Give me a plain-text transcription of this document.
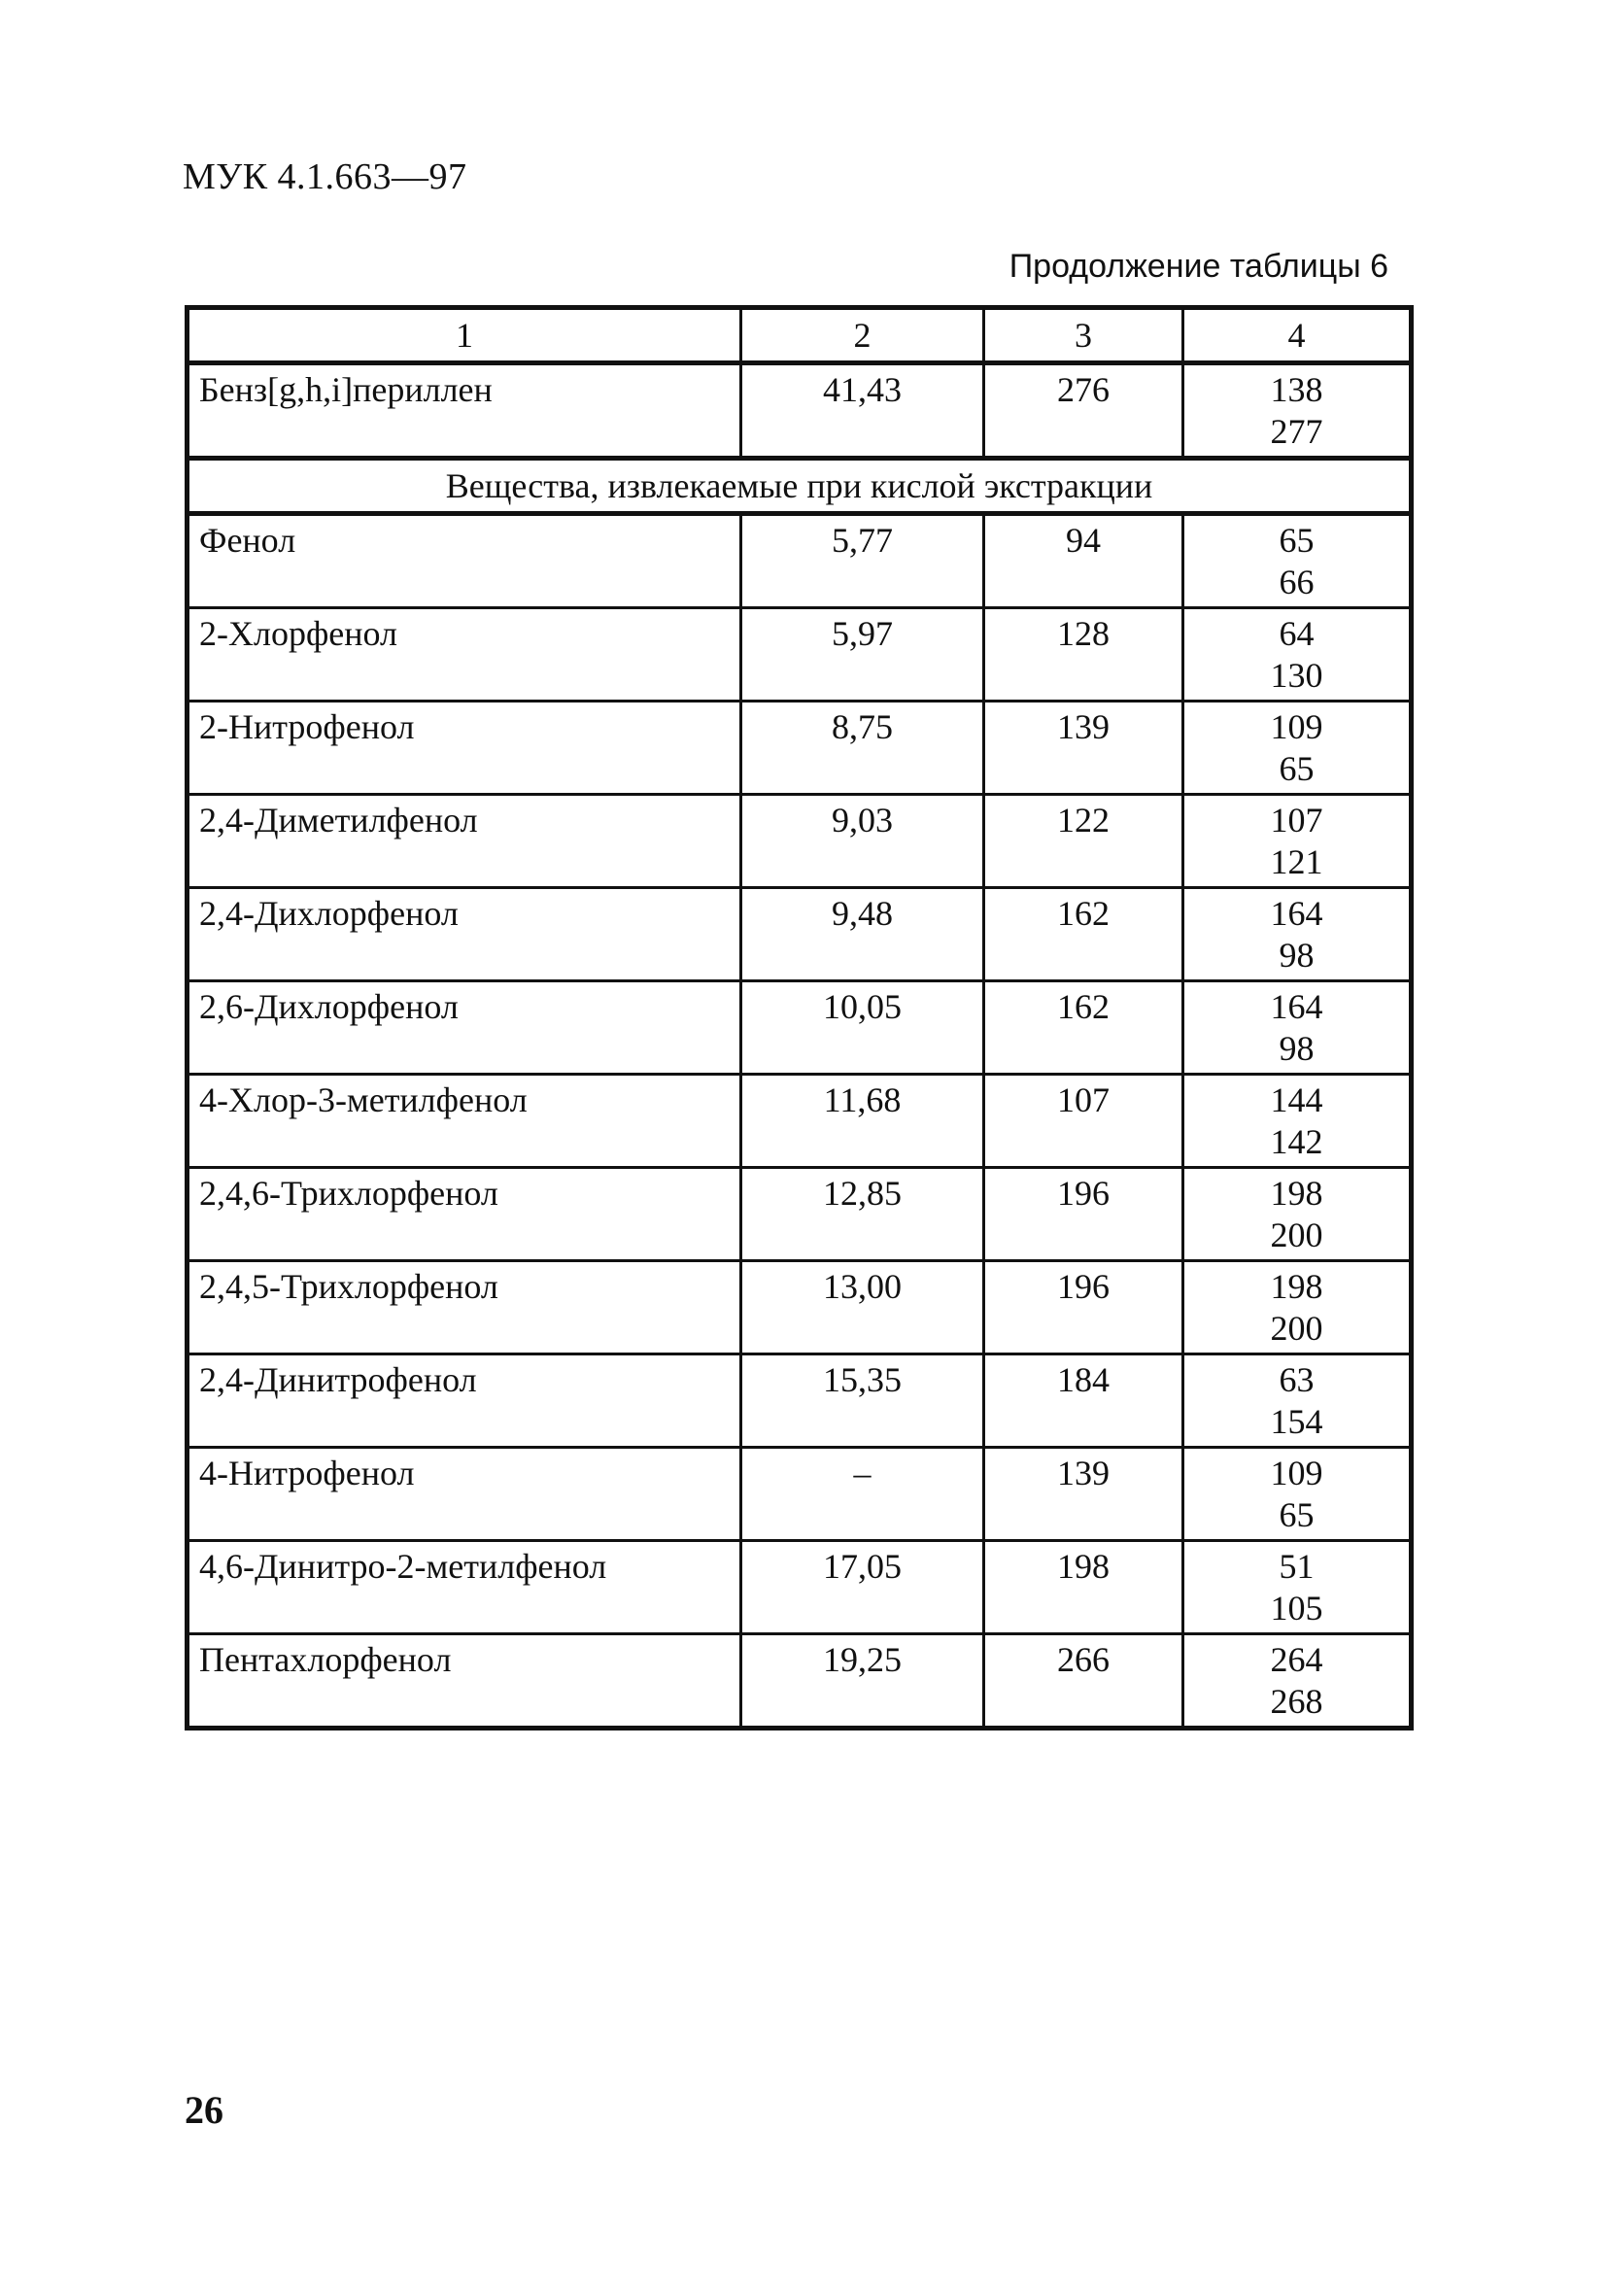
МУК 4.1.663—97
Продолжение таблицы 6
1	2	3	4
Бенз[g,h,i]периллен	41,43	276	138
277

Вещества, извлекаемые при кислой экстракции			
Фенол	5,77	94	65
66

2-Хлорфенол	5,97	128	64
130

2-Нитрофенол	8,75	139	109
65

2,4-Диметилфенол	9,03	122	107
121

2,4-Дихлорфенол	9,48	162	164
98

2,6-Дихлорфенол	10,05	162	164
98

4-Хлор-3-метилфенол	11,68	107	144
142

2,4,6-Трихлорфенол	12,85	196	198
200

2,4,5-Трихлорфенол	13,00	196	198
200

2,4-Динитрофенол	15,35	184	63
154

4-Нитрофенол	–	139	109
65

4,6-Динитро-2-метилфенол	17,05	198	51
105

Пентахлорфенол	19,25	266	264
268
26
